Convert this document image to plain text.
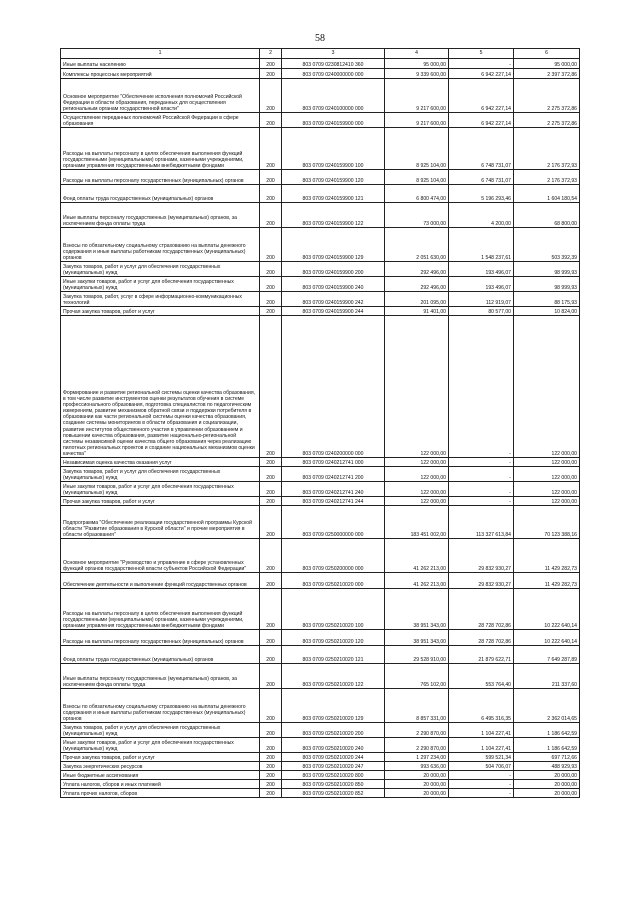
58
1	2	3	4	5	6
Иные выплаты населению	200	803 0709 0230812410 360	95 000,00	-	95 000,00
Комплексы процессных мероприятий	200	803 0709 0240000000 000	9 339 600,00	6 942 227,14	2 397 372,86
Основное мероприятие "Обеспечение исполнения полномочий Российской Федерации в области образования, переданных для осуществления региональным органам государственной власти"	200	803 0709 0240100000 000	9 217 600,00	6 942 227,14	2 275 372,86
Осуществление переданных полномочий Российской Федерации в сфере образования	200	803 0709 0240159900 000	9 217 600,00	6 942 227,14	2 275 372,86
Расходы на выплаты персоналу в целях обеспечения выполнения функций государственными (муниципальными) органами, казенными учреждениями, органами управления государственными внебюджетными фондами	200	803 0709 0240159900 100	8 925 104,00	6 748 731,07	2 176 372,93
Расходы на выплаты персоналу государственных (муниципальных) органов	200	803 0709 0240159900 120	8 925 104,00	6 748 731,07	2 176 372,93
Фонд оплаты труда государственных (муниципальных) органов	200	803 0709 0240159900 121	6 800 474,00	5 196 293,46	1 604 180,54
Иные выплаты персоналу государственных (муниципальных) органов, за исключением фонда оплаты труда	200	803 0709 0240159900 122	73 000,00	4 200,00	68 800,00
Взносы по обязательному социальному страхованию на выплаты денежного содержания и иные выплаты работникам государственных (муниципальных) органов	200	803 0709 0240159900 129	2 051 630,00	1 548 237,61	503 392,39
Закупка товаров, работ и услуг для обеспечения государственных (муниципальных) нужд	200	803 0709 0240159900 200	292 496,00	193 496,07	98 999,93
Иные закупки товаров, работ и услуг для обеспечения государственных (муниципальных) нужд	200	803 0709 0240159900 240	292 496,00	193 496,07	98 999,93
Закупка товаров, работ, услуг в сфере информационно-коммуникационных технологий	200	803 0709 0240159900 242	201 095,00	112 919,07	88 175,93
Прочая закупка товаров, работ и услуг	200	803 0709 0240159900 244	91 401,00	80 577,00	10 824,00
Формирование и развитие региональной системы оценки качества образования, в том числе развитие инструментов оценки результатов обучения в системе профессионального образования, подготовка специалистов по педагогическим измерениям, развитие механизмов обратной связи и поддержки потребителя в образовании как части региональной системы оценки качества образования, создание системы мониторингов в области образования и социализации, развитие институтов общественного участия в управлении образованием и повышении качества образования, развитие национально-региональной системы независимой оценки качества общего образования через реализацию пилотных региональных проектов и создание национальных механизмов оценки качества"	200	803 0709 0240200000 000	122 000,00	-	122 000,00
Независимая оценка качества оказания услуг	200	803 0709 0240212741 000	122 000,00	-	122 000,00
Закупка товаров, работ и услуг для обеспечения государственных (муниципальных) нужд	200	803 0709 0240212741 200	122 000,00	-	122 000,00
Иные закупки товаров, работ и услуг для обеспечения государственных (муниципальных) нужд	200	803 0709 0240212741 240	122 000,00	-	122 000,00
Прочая закупка товаров, работ и услуг	200	803 0709 0240212741 244	122 000,00	-	122 000,00
Подпрограмма "Обеспечение реализации государственной программы Курской области "Развитие образования в Курской области" и прочие мероприятия в области образования"	200	803 0709 0250000000 000	183 451 002,00	113 327 613,84	70 123 388,16
Основное мероприятие "Руководство и управление в сфере установленных функций органов государственной власти субъектов Российской Федерации"	200	803 0709 0250200000 000	41 262 213,00	29 832 930,27	11 429 282,73
Обеспечение деятельности и выполнение функций государственных органов	200	803 0709 0250210020 000	41 262 213,00	29 832 930,27	11 429 282,73
Расходы на выплаты персоналу в целях обеспечения выполнения функций государственными (муниципальными) органами, казенными учреждениями, органами управления государственными внебюджетными фондами	200	803 0709 0250210020 100	38 951 343,00	28 728 702,86	10 222 640,14
Расходы на выплаты персоналу государственных (муниципальных) органов	200	803 0709 0250210020 120	38 951 343,00	28 728 702,86	10 222 640,14
Фонд оплаты труда государственных (муниципальных) органов	200	803 0709 0250210020 121	29 528 910,00	21 879 622,71	7 649 287,89
Иные выплаты персоналу государственных (муниципальных) органов, за исключением фонда оплаты труда	200	803 0709 0250210020 122	765 102,00	553 764,40	211 337,60
Взносы по обязательному социальному страхованию на выплаты денежного содержания и иные выплаты работникам государственных (муниципальных) органов	200	803 0709 0250210020 129	8 857 331,00	6 495 316,35	2 362 014,65
Закупка товаров, работ и услуг для обеспечения государственных (муниципальных) нужд	200	803 0709 0250210020 200	2 290 870,00	1 104 227,41	1 186 642,59
Иные закупки товаров, работ и услуг для обеспечения государственных (муниципальных) нужд	200	803 0709 0250210020 240	2 290 870,00	1 104 227,41	1 186 642,59
Прочая закупка товаров, работ и услуг	200	803 0709 0250210020 244	1 297 234,00	599 521,34	697 712,66
Закупка энергетических ресурсов	200	803 0709 0250210020 247	993 636,00	504 706,07	488 929,93
Иные бюджетные ассигнования	200	803 0709 0250210020 800	20 000,00	-	20 000,00
Уплата налогов, сборов и иных платежей	200	803 0709 0250210020 850	20 000,00	-	20 000,00
Уплата прочих налогов, сборов	200	803 0709 0250210020 852	20 000,00	-	20 000,00
